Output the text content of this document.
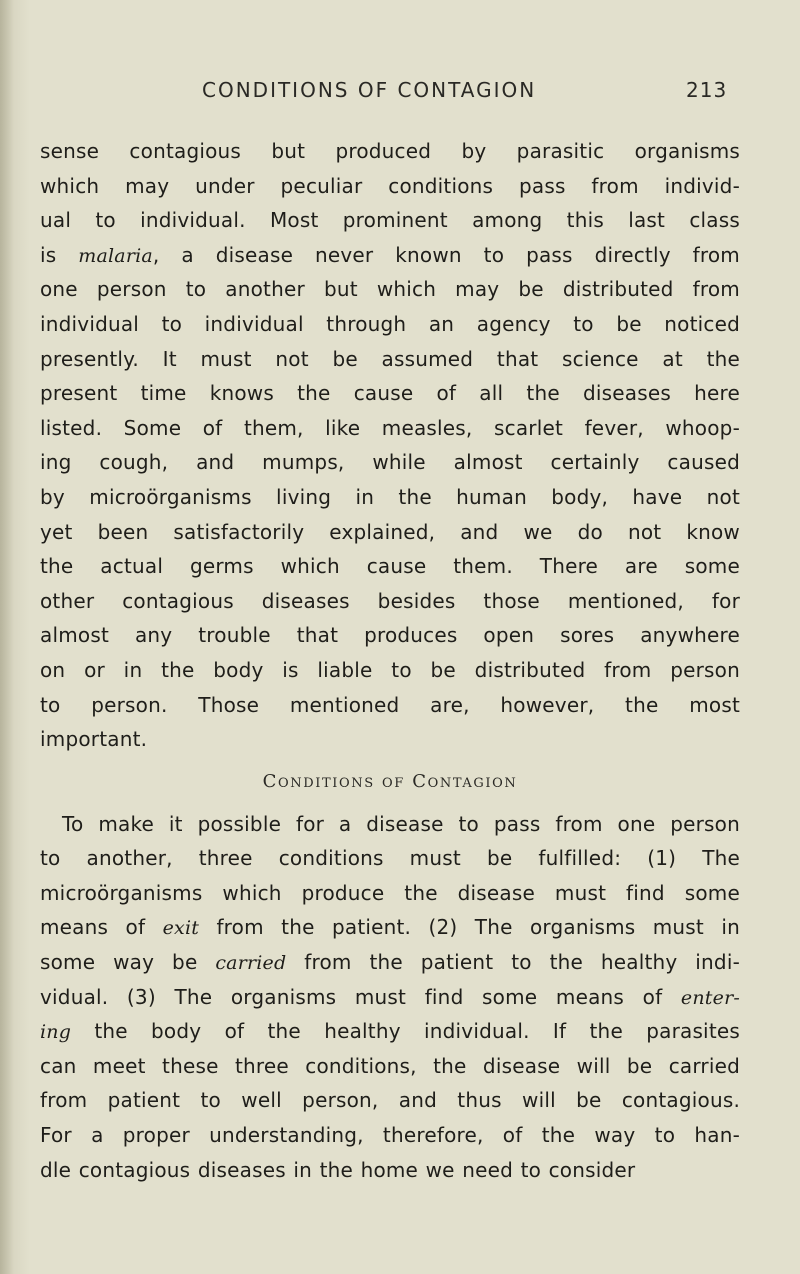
CONDITIONS OF CONTAGION	213
sense contagious but produced by parasitic organisms
which may under peculiar conditions pass from individ-
ual to individual. Most prominent among this last class
is malaria, a disease never known to pass directly from
one person to another but which may be distributed from
individual to individual through an agency to be noticed
presently. It must not be assumed that science at the
present time knows the cause of all the diseases here
listed. Some of them, like measles, scarlet fever, whoop-
ing cough, and mumps, while almost certainly caused
by microörganisms living in the human body, have not
yet been satisfactorily explained, and we do not know
the actual germs which cause them. There are some
other contagious diseases besides those mentioned, for
almost any trouble that produces open sores anywhere
on or in the body is liable to be distributed from person
to person. Those mentioned are, however, the most
important.
Conditions of Contagion
To make it possible for a disease to pass from one person
to another, three conditions must be fulfilled: (1) The
microörganisms which produce the disease must find some
means of exit from the patient. (2) The organisms must in
some way be carried from the patient to the healthy indi-
vidual. (3) The organisms must find some means of enter-
ing the body of the healthy individual. If the parasites
can meet these three conditions, the disease will be carried
from patient to well person, and thus will be contagious.
For a proper understanding, therefore, of the way to han-
dle contagious diseases in the home we need to consider
